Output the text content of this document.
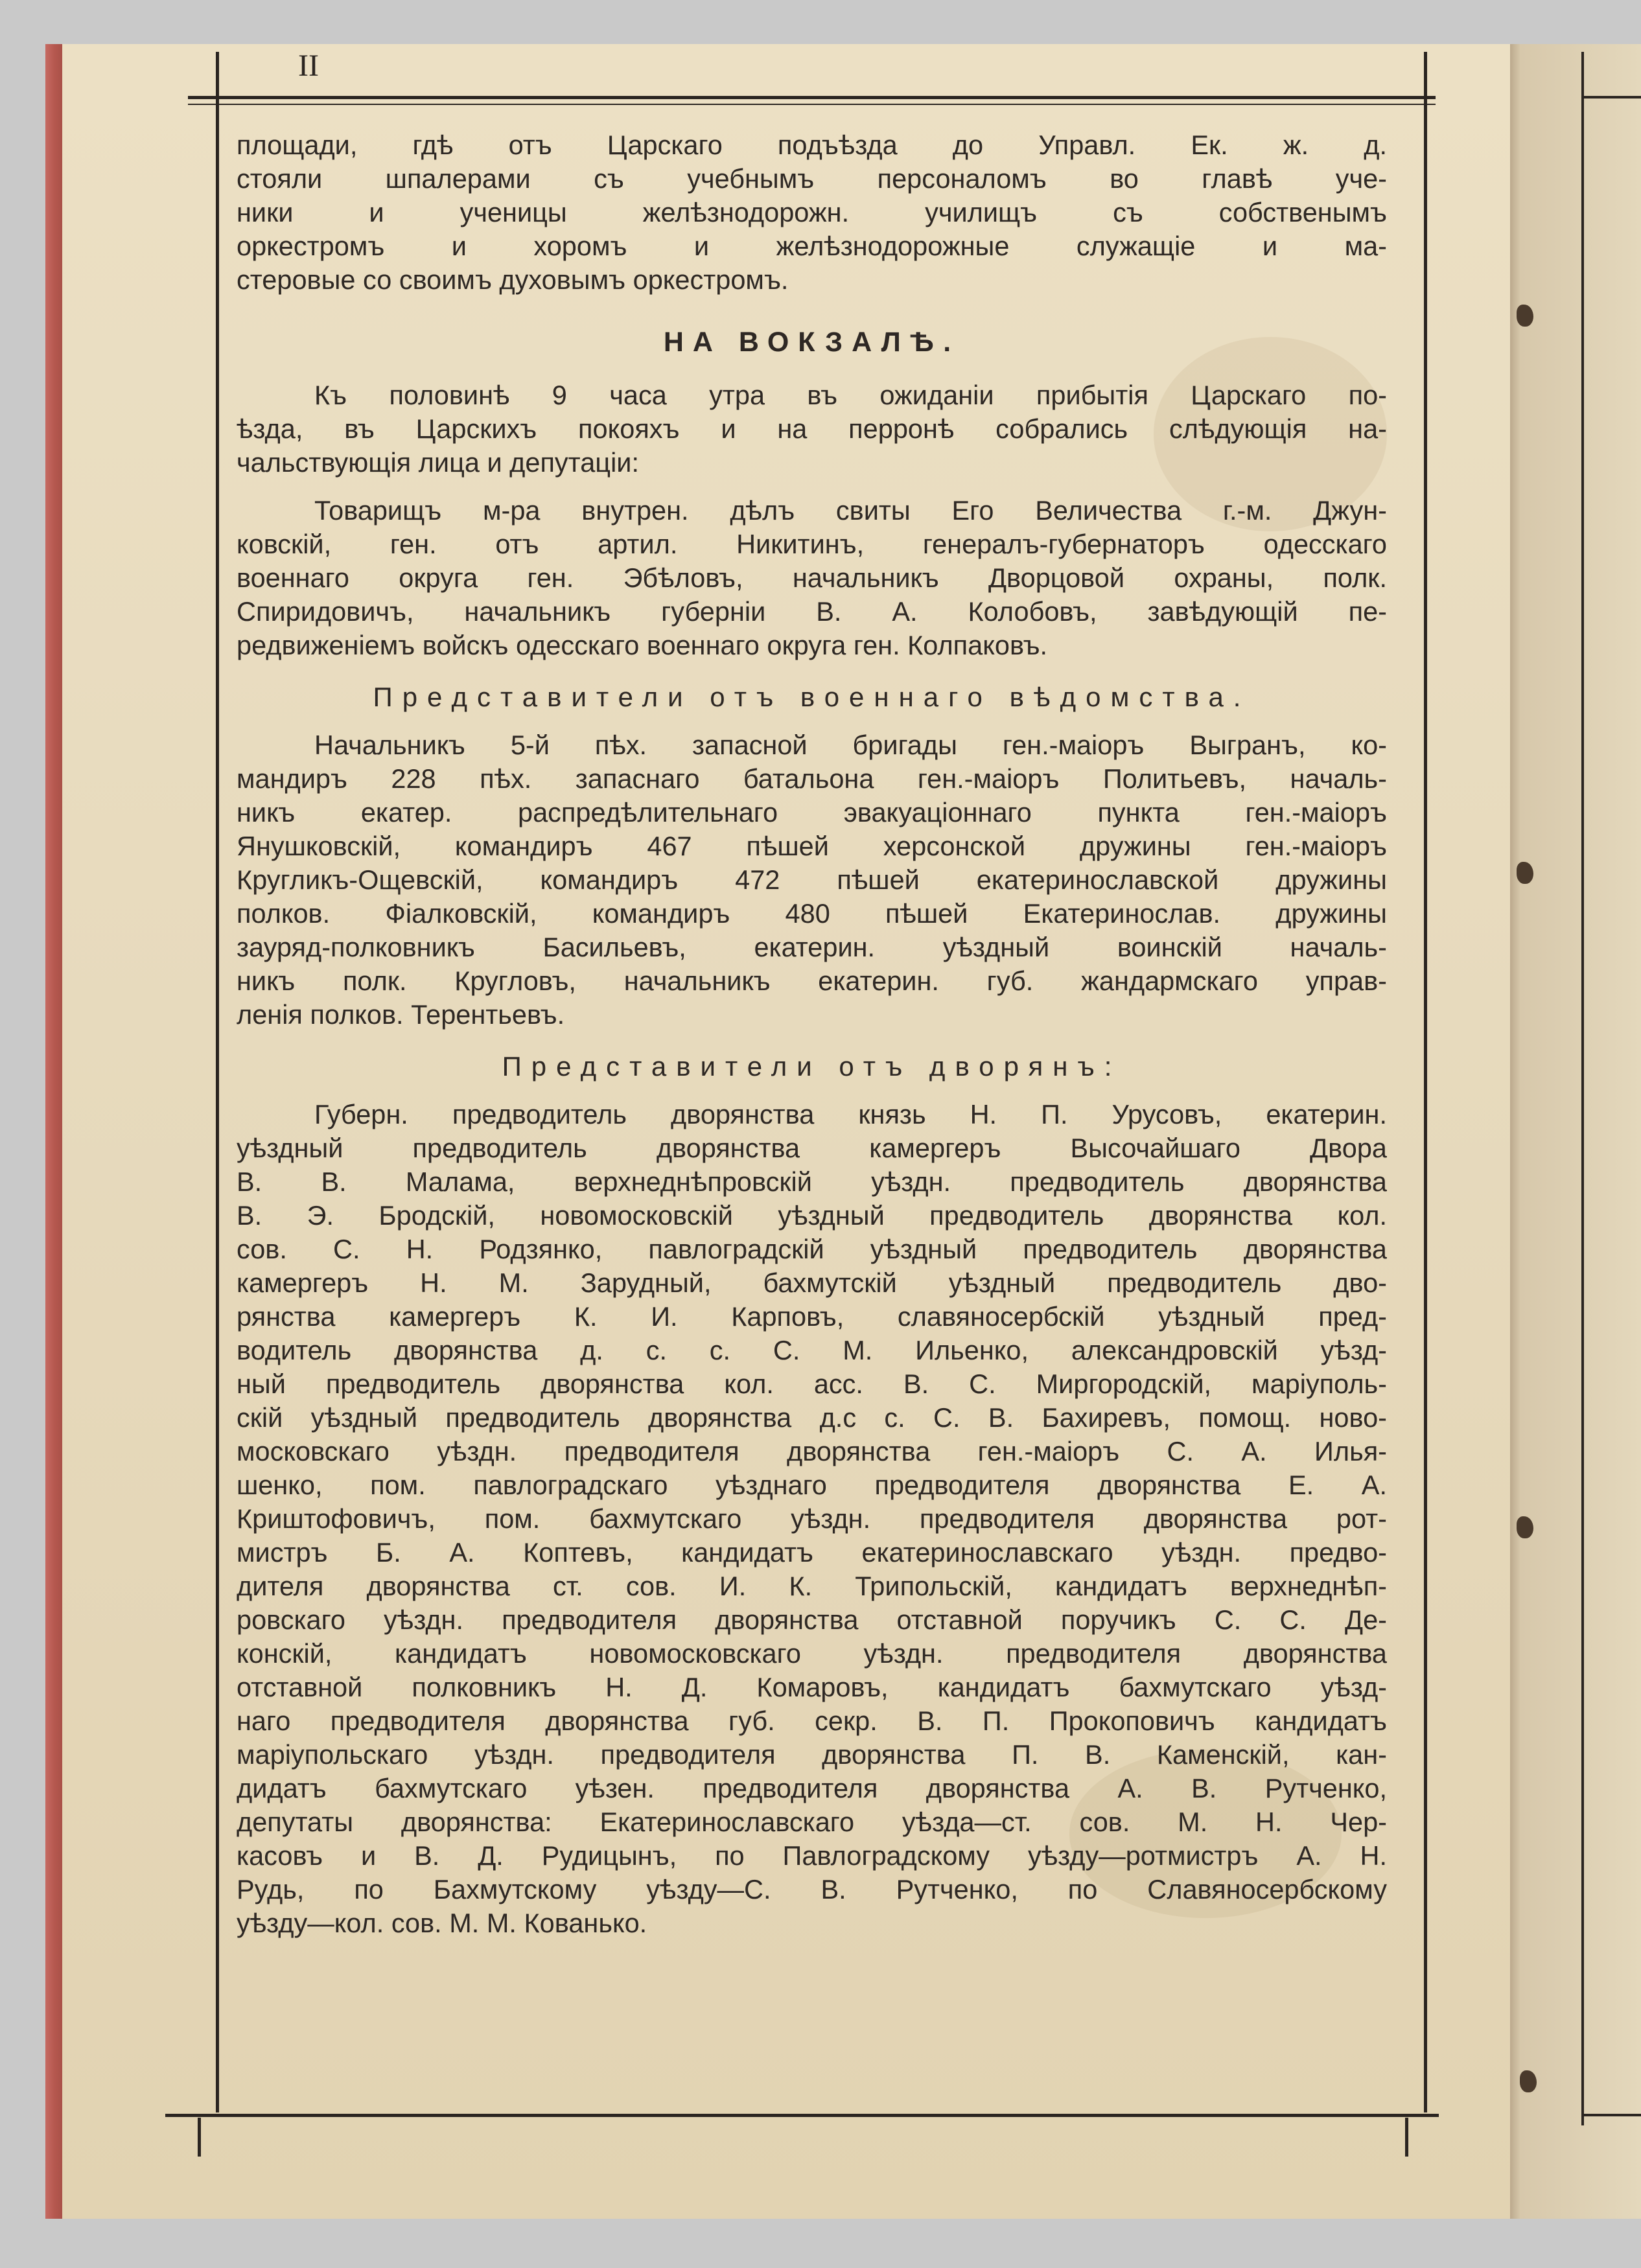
II
площади, гдѣ отъ Царскаго подъѣзда до Управл. Ек. ж. д.
стояли шпалерами съ учебнымъ персоналомъ во главѣ уче-
ники и ученицы желѣзнодорожн. училищъ съ собственымъ
оркестромъ и хоромъ и желѣзнодорожные служащіе и ма-
стеровые со своимъ духовымъ оркестромъ.
НА ВОКЗАЛѢ.
Къ половинѣ 9 часа утра въ ожиданіи прибытія Царскаго по-
ѣзда, въ Царскихъ покояхъ и на перронѣ собрались слѣдующія на-
чальствующія лица и депутаціи:
Товарищъ м-ра внутрен. дѣлъ свиты Его Величества г.-м. Джун-
ковскій, ген. отъ артил. Никитинъ, генералъ-губернаторъ одесскаго
военнаго округа ген. Эбѣловъ, начальникъ Дворцовой охраны, полк.
Спиридовичъ, начальникъ губерніи В. А. Колобовъ, завѣдующій пе-
редвиженіемъ войскъ одесскаго военнаго округа ген. Колпаковъ.
Представители отъ военнаго вѣдомства.
Начальникъ 5-й пѣх. запасной бригады ген.-маіоръ Выгранъ, ко-
мандиръ 228 пѣх. запаснаго батальона ген.-маіоръ Политьевъ, началь-
никъ екатер. распредѣлительнаго эвакуаціоннаго пункта ген.-маіоръ
Янушковскій, командиръ 467 пѣшей херсонской дружины ген.-маіоръ
Кругликъ-Ощевскій, командиръ 472 пѣшей екатеринославской дружины
полков. Фіалковскій, командиръ 480 пѣшей Екатеринослав. дружины
зауряд-полковникъ Басильевъ, екатерин. уѣздный воинскій началь-
никъ полк. Кругловъ, начальникъ екатерин. губ. жандармскаго управ-
ленія полков. Терентьевъ.
Представители отъ дворянъ:
Губерн. предводитель дворянства князь Н. П. Урусовъ, екатерин.
уѣздный предводитель дворянства камергеръ Высочайшаго Двора
В. В. Малама, верхнеднѣпровскій уѣздн. предводитель дворянства
В. Э. Бродскій, новомосковскій уѣздный предводитель дворянства кол.
сов. С. Н. Родзянко, павлоградскій уѣздный предводитель дворянства
камергеръ Н. М. Зарудный, бахмутскій уѣздный предводитель дво-
рянства камергеръ К. И. Карповъ, славяносербскій уѣздный пред-
водитель дворянства д. с. с. С. М. Ильенко, александровскій уѣзд-
ный предводитель дворянства кол. асс. В. С. Миргородскій, маріуполь-
скій уѣздный предводитель дворянства д.с с. С. В. Бахиревъ, помощ. ново-
московскаго уѣздн. предводителя дворянства ген.-маіоръ С. А. Илья-
шенко, пом. павлоградскаго уѣзднаго предводителя дворянства Е. А.
Криштофовичъ, пом. бахмутскаго уѣздн. предводителя дворянства рот-
мистръ Б. А. Коптевъ, кандидатъ екатеринославскаго уѣздн. предво-
дителя дворянства ст. сов. И. К. Трипольскій, кандидатъ верхнеднѣп-
ровскаго уѣздн. предводителя дворянства отставной поручикъ С. С. Де-
конскій, кандидатъ новомосковскаго уѣздн. предводителя дворянства
отставной полковникъ Н. Д. Комаровъ, кандидатъ бахмутскаго уѣзд-
наго предводителя дворянства губ. секр. В. П. Прокоповичъ кандидатъ
маріупольскаго уѣздн. предводителя дворянства П. В. Каменскій, кан-
дидатъ бахмутскаго уѣзен. предводителя дворянства А. В. Рутченко,
депутаты дворянства: Екатеринославскаго уѣзда—ст. сов. М. Н. Чер-
касовъ и В. Д. Рудицынъ, по Павлоградскому уѣзду—ротмистръ А. Н.
Рудь, по Бахмутскому уѣзду—С. В. Рутченко, по Славяносербскому
уѣзду—кол. сов. М. М. Кованько.
